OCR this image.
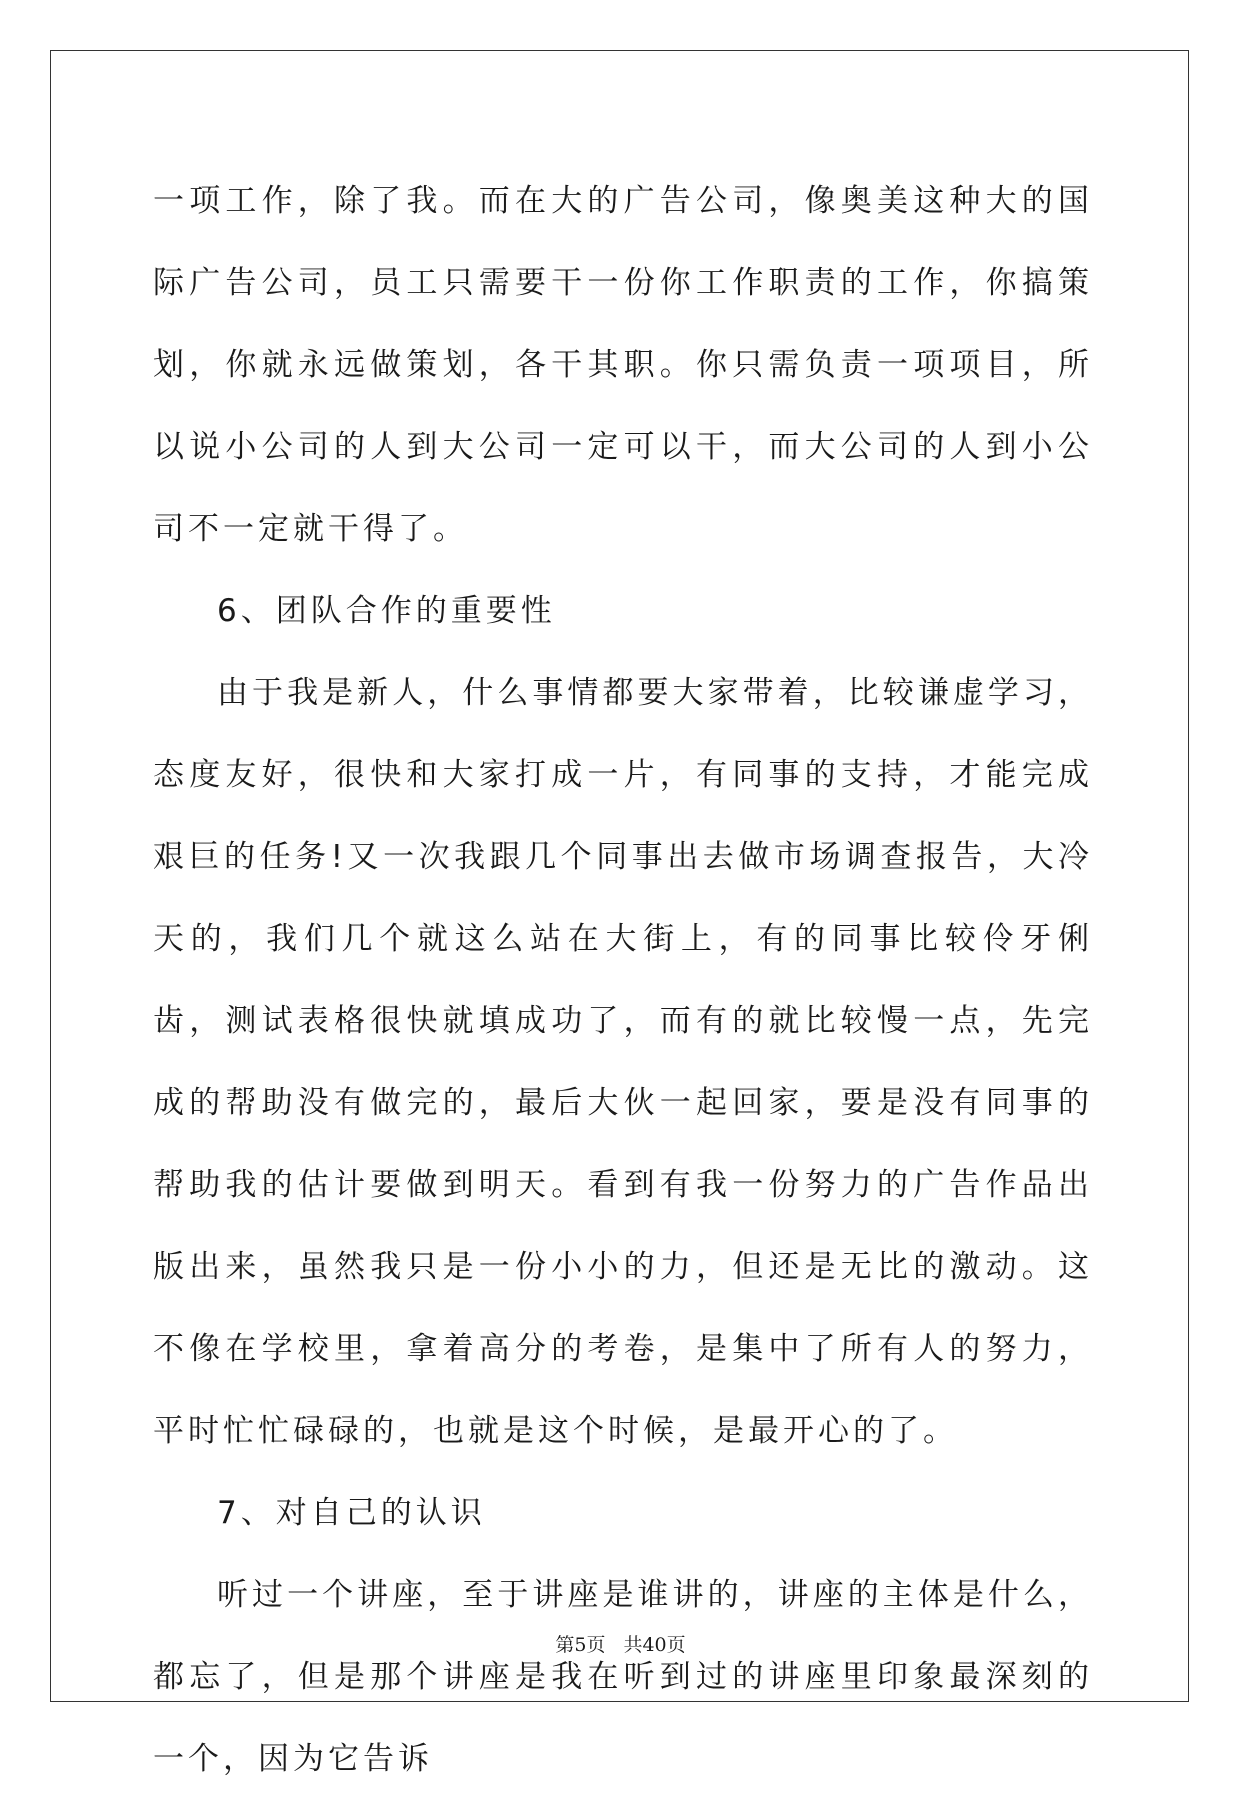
一项工作，除了我。而在大的广告公司，像奥美这种大的国际广告公司，员工只需要干一份你工作职责的工作，你搞策划，你就永远做策划，各干其职。你只需负责一项项目，所以说小公司的人到大公司一定可以干，而大公司的人到小公司不一定就干得了。

6、团队合作的重要性

由于我是新人，什么事情都要大家带着，比较谦虚学习，态度友好，很快和大家打成一片，有同事的支持，才能完成艰巨的任务!又一次我跟几个同事出去做市场调查报告，大冷天的，我们几个就这么站在大街上，有的同事比较伶牙俐齿，测试表格很快就填成功了，而有的就比较慢一点，先完成的帮助没有做完的，最后大伙一起回家，要是没有同事的帮助我的估计要做到明天。看到有我一份努力的广告作品出版出来，虽然我只是一份小小的力，但还是无比的激动。这不像在学校里，拿着高分的考卷，是集中了所有人的努力，平时忙忙碌碌的，也就是这个时候，是最开心的了。

7、对自己的认识

听过一个讲座，至于讲座是谁讲的，讲座的主体是什么，都忘了，但是那个讲座是我在听到过的讲座里印象最深刻的一个，因为它告诉

第5页 共40页
